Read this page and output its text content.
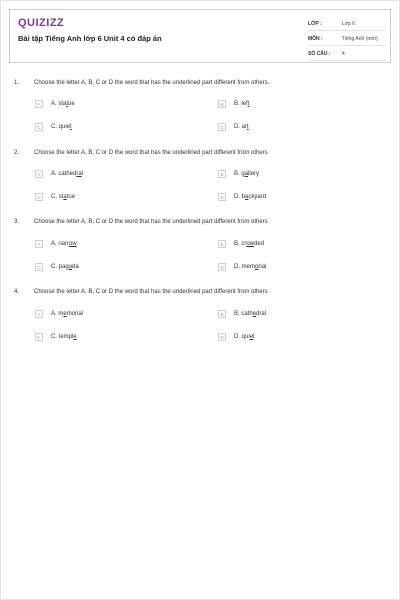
QUIZIZZ
Bài tập Tiếng Anh lớp 6 Unit 4 có đáp án
LỚP :	Lớp 6
MÔN :	Tiếng Anh (mới)
SỐ CÂU : 4
1. Choose the letter A, B, C or D the word that has the underlined part different from others.
A	A. statue	B	B. left
C	C. quiet	D	D. art
2. Choose the letter A, B, C or D the word that has the underlined part different from others
A	A. cathedral	B	B. gallery
C	C. statue	D	D. backyard
3. Choose the letter A, B, C or D the word that has the underlined part different from others
A	A. narrow	B	B. crowded
C	C. pagoda	D	D. memorial
4. Choose the letter A, B, C or D the word that has the underlined part different from others
A	A. memorial	B	B. cathedral
C	C. temple	D	D. quiet
